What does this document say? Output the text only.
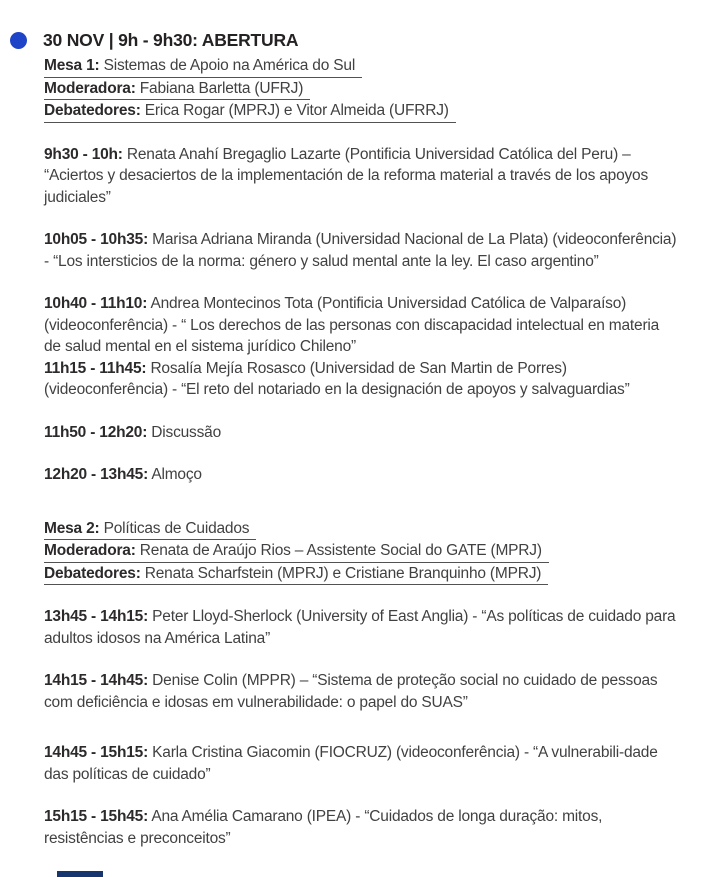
30 NOV | 9h - 9h30: ABERTURA

Mesa 1: Sistemas de Apoio na América do Sul

Moderadora: Fabiana Barletta (UFRJ)

Debatedores: Erica Rogar (MPRJ) e Vitor Almeida (UFRRJ)

9h30 - 10h: Renata Anahí Bregaglio Lazarte (Pontificia Universidad Católica del Peru) – “Aciertos y desaciertos de la implementación de la reforma material a través de los apoyos judiciales”

10h05 - 10h35: Marisa Adriana Miranda (Universidad Nacional de La Plata) (videoconferência) - “Los intersticios de la norma: género y salud mental ante la ley. El caso argentino”

10h40 - 11h10: Andrea Montecinos Tota (Pontificia Universidad Católica de Valparaíso) (videoconferência) - “ Los derechos de las personas con discapacidad intelectual en materia de salud mental en el sistema jurídico Chileno”

11h15 - 11h45: Rosalía Mejía Rosasco (Universidad de San Martin de Porres) (videoconferência) - “El reto del notariado en la designación de apoyos y salvaguardias”

11h50 - 12h20: Discussão

12h20 - 13h45: Almoço

Mesa 2: Políticas de Cuidados

Moderadora: Renata de Araújo Rios – Assistente Social do GATE (MPRJ)

Debatedores: Renata Scharfstein (MPRJ) e Cristiane Branquinho (MPRJ)

13h45 - 14h15: Peter Lloyd-Sherlock (University of East Anglia) - “As políticas de cuidado para adultos idosos na América Latina”

14h15 - 14h45: Denise Colin (MPPR) – “Sistema de proteção social no cuidado de pessoas com deficiência e idosas em vulnerabilidade: o papel do SUAS”

14h45 - 15h15: Karla Cristina Giacomin (FIOCRUZ) (videoconferência) - “A vulnerabili-dade das políticas de cuidado”

15h15 - 15h45: Ana Amélia Camarano (IPEA) - “Cuidados de longa duração: mitos, resistências e preconceitos”
